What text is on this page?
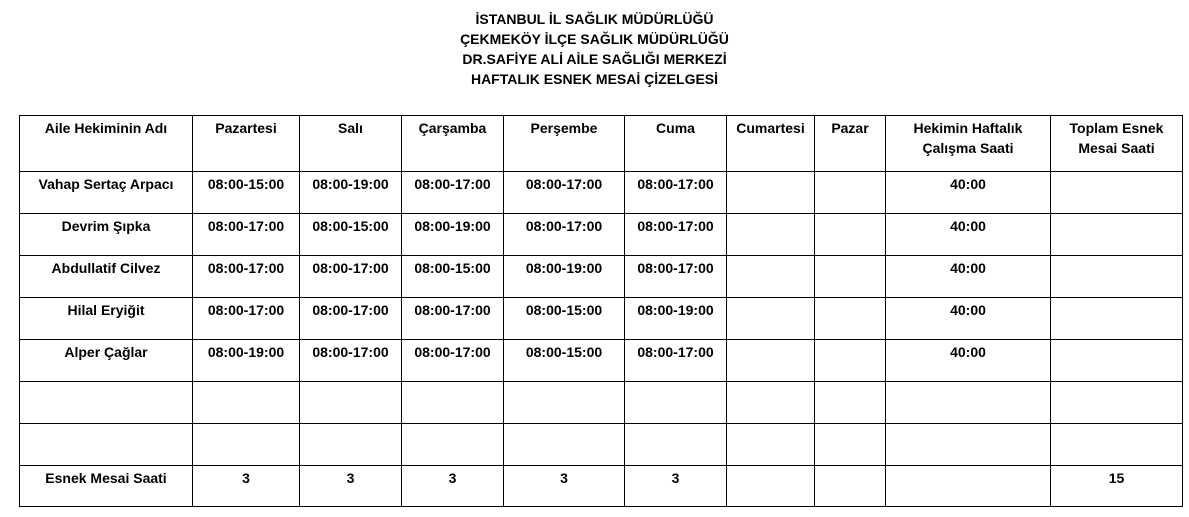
İSTANBUL İL SAĞLIK MÜDÜRLÜĞÜ
ÇEKMEKÖY İLÇE SAĞLIK MÜDÜRLÜĞÜ
DR.SAFİYE ALİ AİLE SAĞLIĞI MERKEZİ
HAFTALIK ESNEK MESAİ ÇİZELGESİ
Aile Hekiminin Adı	Pazartesi	Salı	Çarşamba	Perşembe	Cuma	Cumartesi	Pazar	Hekimin Haftalık Çalışma Saati	Toplam Esnek Mesai Saati
Vahap Sertaç Arpacı	08:00-15:00	08:00-19:00	08:00-17:00	08:00-17:00	08:00-17:00			40:00	
Devrim Şıpka	08:00-17:00	08:00-15:00	08:00-19:00	08:00-17:00	08:00-17:00			40:00	
Abdullatif Cilvez	08:00-17:00	08:00-17:00	08:00-15:00	08:00-19:00	08:00-17:00			40:00	
Hilal Eryiğit	08:00-17:00	08:00-17:00	08:00-17:00	08:00-15:00	08:00-19:00			40:00	
Alper Çağlar	08:00-19:00	08:00-17:00	08:00-17:00	08:00-15:00	08:00-17:00			40:00	

Esnek Mesai Saati	3	3	3	3	3				15
